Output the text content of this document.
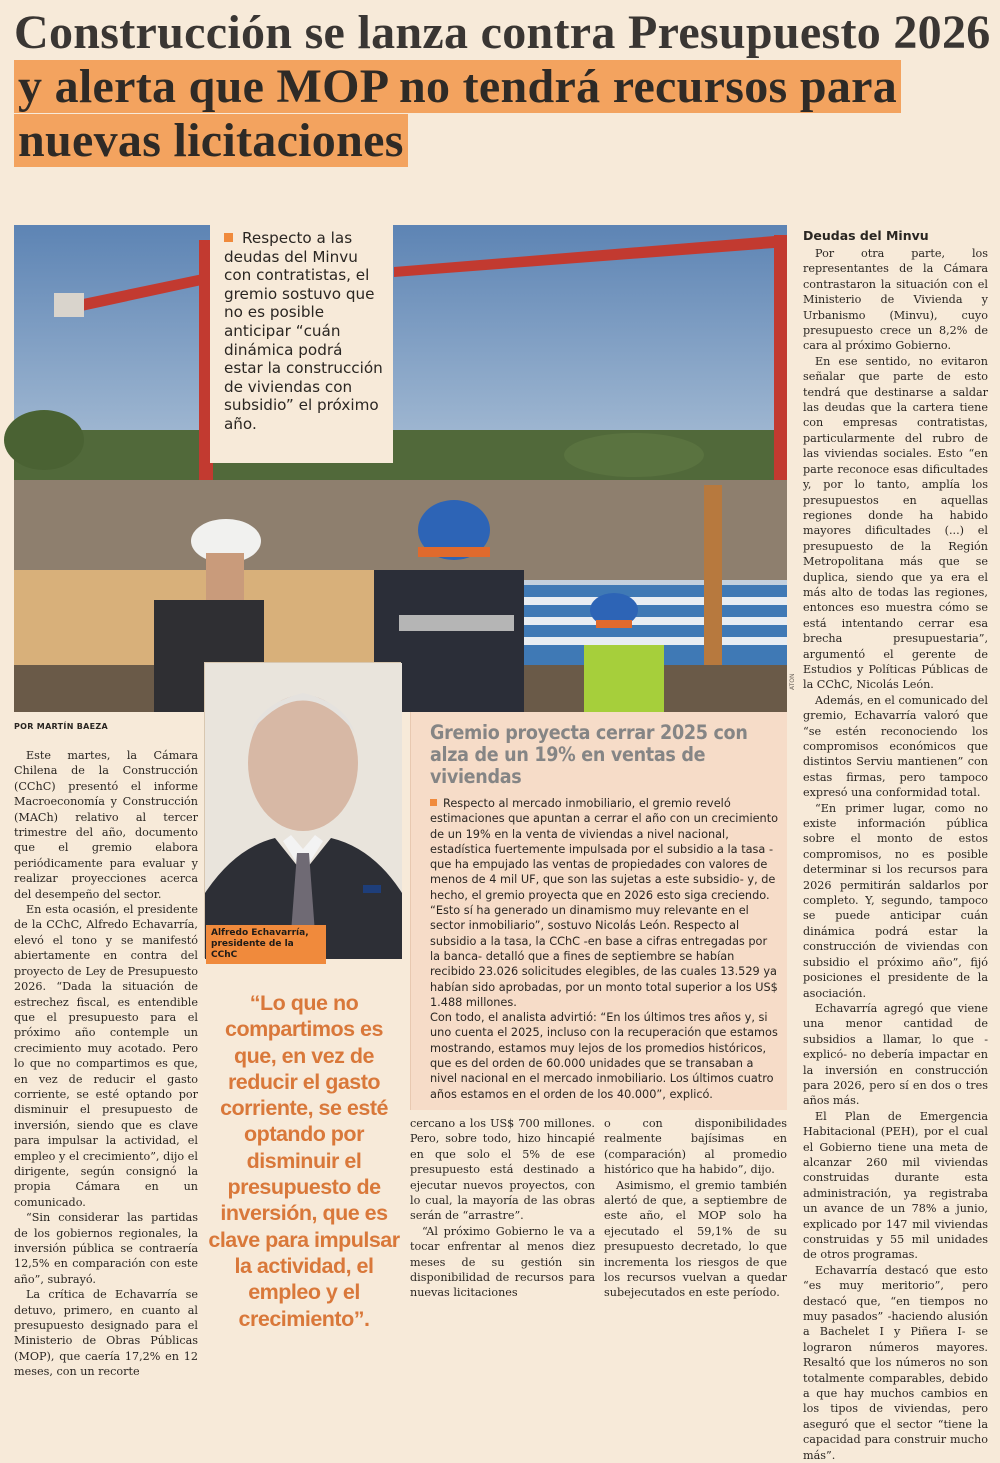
Construcción se lanza contra Presupuesto 2026 y alerta que MOP no tendrá recursos para nuevas licitaciones
Respecto a las deudas del Minvu con contratistas, el gremio sostuvo que no es posible anticipar “cuán dinámica podrá estar la construcción de viviendas con subsidio” el próximo año.
ATON
POR MARTÍN BAEZA

Este martes, la Cámara Chilena de la Construcción (CChC) presentó el informe Macroeconomía y Construcción (MACh) relativo al tercer trimestre del año, documento que el gremio elabora periódicamente para evaluar y realizar proyecciones acerca del desempeño del sector.

En esta ocasión, el presidente de la CChC, Alfredo Echavarría, elevó el tono y se manifestó abiertamente en contra del proyecto de Ley de Presupuesto 2026. “Dada la situación de estrechez fiscal, es entendible que el presupuesto para el próximo año contemple un crecimiento muy acotado. Pero lo que no compartimos es que, en vez de reducir el gasto corriente, se esté optando por disminuir el presupuesto de inversión, siendo que es clave para impulsar la actividad, el empleo y el crecimiento”, dijo el dirigente, según consignó la propia Cámara en un comunicado.

“Sin considerar las partidas de los gobiernos regionales, la inversión pública se contraería 12,5% en comparación con este año”, subrayó.

La crítica de Echavarría se detuvo, primero, en cuanto al presupuesto designado para el Ministerio de Obras Públicas (MOP), que caería 17,2% en 12 meses, con un recorte

Alfredo Echavarría, presidente de la CChC
“Lo que no compartimos es que, en vez de reducir el gasto corriente, se esté optando por disminuir el presupuesto de inversión, que es clave para impulsar la actividad, el empleo y el crecimiento”.
Gremio proyecta cerrar 2025 con alza de un 19% en ventas de viviendas
Respecto al mercado inmobiliario, el gremio reveló estimaciones que apuntan a cerrar el año con un crecimiento de un 19% en la venta de viviendas a nivel nacional, estadística fuertemente impulsada por el subsidio a la tasa -que ha empujado las ventas de propiedades con valores de menos de 4 mil UF, que son las sujetas a este subsidio- y, de hecho, el gremio proyecta que en 2026 esto siga creciendo.
“Esto sí ha generado un dinamismo muy relevante en el sector inmobiliario”, sostuvo Nicolás León. Respecto al subsidio a la tasa, la CChC -en base a cifras entregadas por la banca- detalló que a fines de septiembre se habían recibido 23.026 solicitudes elegibles, de las cuales 13.529 ya habían sido aprobadas, por un monto total superior a los US$ 1.488 millones.
Con todo, el analista advirtió: “En los últimos tres años y, si uno cuenta el 2025, incluso con la recuperación que estamos mostrando, estamos muy lejos de los promedios históricos, que es del orden de 60.000 unidades que se transaban a nivel nacional en el mercado inmobiliario. Los últimos cuatro años estamos en el orden de los 40.000”, explicó.

cercano a los US$ 700 millones. Pero, sobre todo, hizo hincapié en que solo el 5% de ese presupuesto está destinado a ejecutar nuevos proyectos, con lo cual, la mayoría de las obras serán de “arrastre”.

“Al próximo Gobierno le va a tocar enfrentar al menos diez meses de su gestión sin disponibilidad de recursos para nuevas licitaciones

o con disponibilidades realmente bajísimas en (comparación) al promedio histórico que ha habido”, dijo.

Asimismo, el gremio también alertó de que, a septiembre de este año, el MOP solo ha ejecutado el 59,1% de su presupuesto decretado, lo que incrementa los riesgos de que los recursos vuelvan a quedar subejecutados en este período.

Deudas del Minvu

Por otra parte, los representantes de la Cámara contrastaron la situación con el Ministerio de Vivienda y Urbanismo (Minvu), cuyo presupuesto crece un 8,2% de cara al próximo Gobierno.

En ese sentido, no evitaron señalar que parte de esto tendrá que destinarse a saldar las deudas que la cartera tiene con empresas contratistas, particularmente del rubro de las viviendas sociales. Esto “en parte reconoce esas dificultades y, por lo tanto, amplía los presupuestos en aquellas regiones donde ha habido mayores dificultades (...) el presupuesto de la Región Metropolitana más que se duplica, siendo que ya era el más alto de todas las regiones, entonces eso muestra cómo se está intentando cerrar esa brecha presupuestaria”, argumentó el gerente de Estudios y Políticas Públicas de la CChC, Nicolás León.

Además, en el comunicado del gremio, Echavarría valoró que “se estén reconociendo los compromisos económicos que distintos Serviu mantienen” con estas firmas, pero tampoco expresó una conformidad total.

“En primer lugar, como no existe información pública sobre el monto de estos compromisos, no es posible determinar si los recursos para 2026 permitirán saldarlos por completo. Y, segundo, tampoco se puede anticipar cuán dinámica podrá estar la construcción de viviendas con subsidio el próximo año”, fijó posiciones el presidente de la asociación.

Echavarría agregó que viene una menor cantidad de subsidios a llamar, lo que -explicó- no debería impactar en la inversión en construcción para 2026, pero sí en dos o tres años más.

El Plan de Emergencia Habitacional (PEH), por el cual el Gobierno tiene una meta de alcanzar 260 mil viviendas construidas durante esta administración, ya registraba un avance de un 78% a junio, explicado por 147 mil viviendas construidas y 55 mil unidades de otros programas.

Echavarría destacó que esto “es muy meritorio”, pero destacó que, “en tiempos no muy pasados” -haciendo alusión a Bachelet I y Piñera I- se lograron números mayores. Resaltó que los números no son totalmente comparables, debido a que hay muchos cambios en los tipos de viviendas, pero aseguró que el sector “tiene la capacidad para construir mucho más”.
